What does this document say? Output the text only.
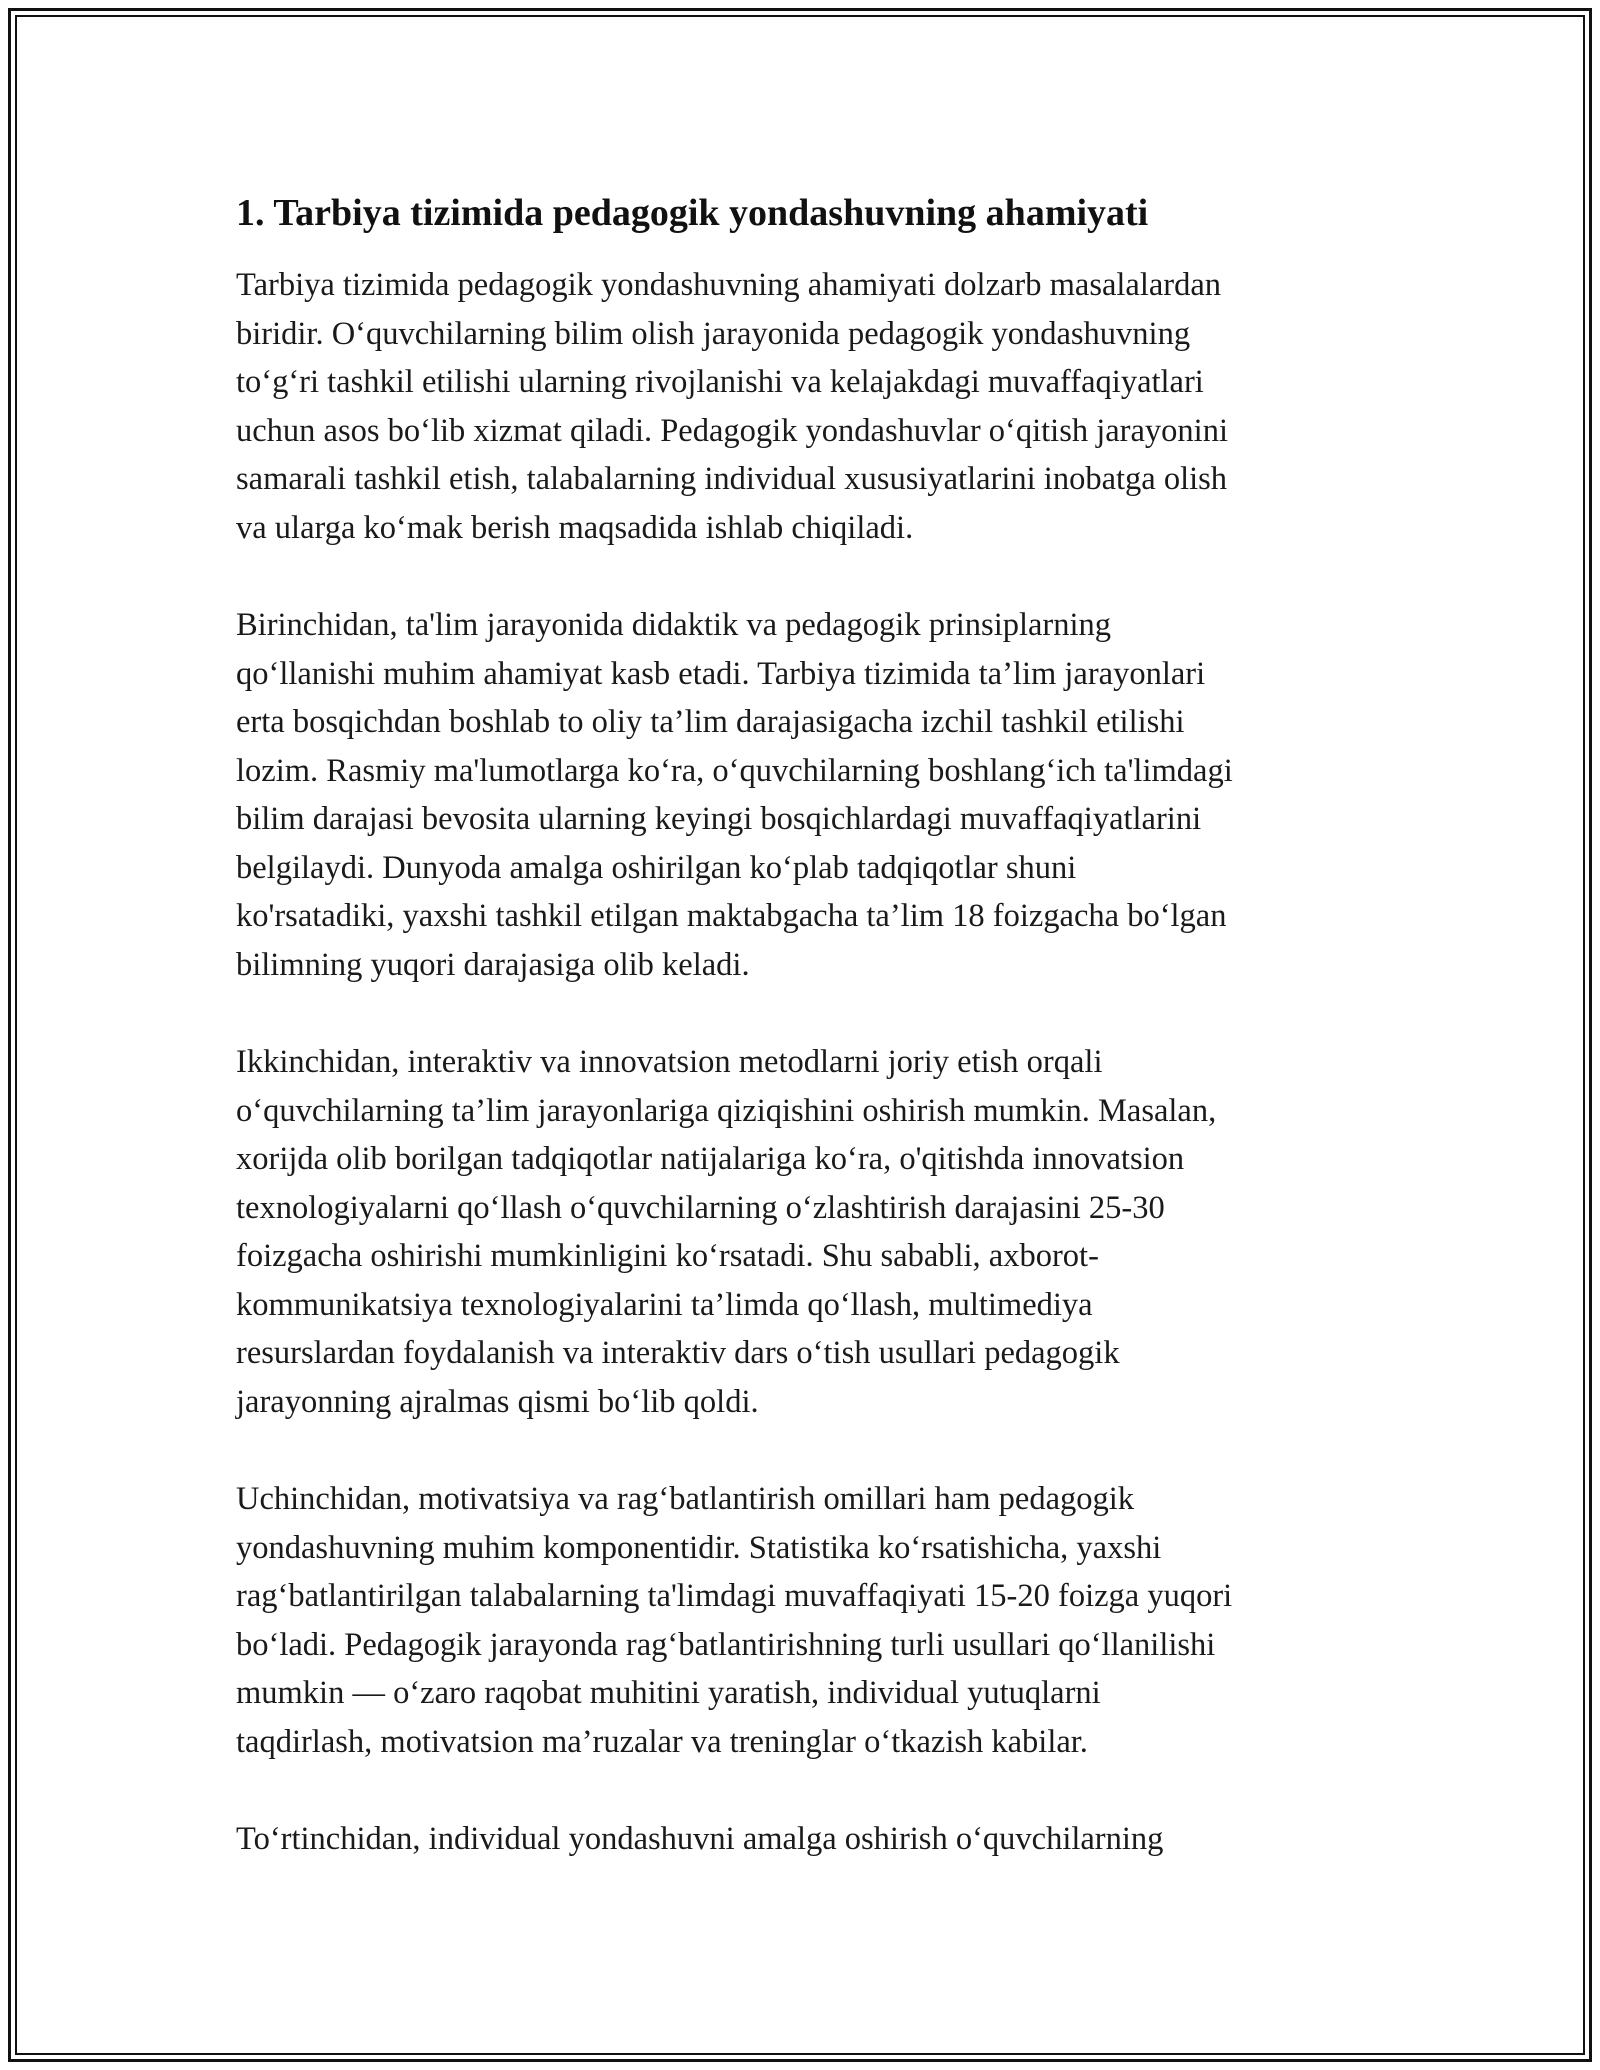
1. Tarbiya tizimida pedagogik yondashuvning ahamiyati

Tarbiya tizimida pedagogik yondashuvning ahamiyati dolzarb masalalardan
biridir. O‘quvchilarning bilim olish jarayonida pedagogik yondashuvning
to‘g‘ri tashkil etilishi ularning rivojlanishi va kelajakdagi muvaffaqiyatlari
uchun asos bo‘lib xizmat qiladi. Pedagogik yondashuvlar o‘qitish jarayonini
samarali tashkil etish, talabalarning individual xususiyatlarini inobatga olish
va ularga ko‘mak berish maqsadida ishlab chiqiladi.

Birinchidan, ta'lim jarayonida didaktik va pedagogik prinsiplarning
qo‘llanishi muhim ahamiyat kasb etadi. Tarbiya tizimida ta’lim jarayonlari
erta bosqichdan boshlab to oliy ta’lim darajasigacha izchil tashkil etilishi
lozim. Rasmiy ma'lumotlarga ko‘ra, o‘quvchilarning boshlang‘ich ta'limdagi
bilim darajasi bevosita ularning keyingi bosqichlardagi muvaffaqiyatlarini
belgilaydi. Dunyoda amalga oshirilgan ko‘plab tadqiqotlar shuni
ko'rsatadiki, yaxshi tashkil etilgan maktabgacha ta’lim 18 foizgacha bo‘lgan
bilimning yuqori darajasiga olib keladi.

Ikkinchidan, interaktiv va innovatsion metodlarni joriy etish orqali
o‘quvchilarning ta’lim jarayonlariga qiziqishini oshirish mumkin. Masalan,
xorijda olib borilgan tadqiqotlar natijalariga ko‘ra, o'qitishda innovatsion
texnologiyalarni qo‘llash o‘quvchilarning o‘zlashtirish darajasini 25-30
foizgacha oshirishi mumkinligini ko‘rsatadi. Shu sababli, axborot-
kommunikatsiya texnologiyalarini ta’limda qo‘llash, multimediya
resurslardan foydalanish va interaktiv dars o‘tish usullari pedagogik
jarayonning ajralmas qismi bo‘lib qoldi.

Uchinchidan, motivatsiya va rag‘batlantirish omillari ham pedagogik
yondashuvning muhim komponentidir. Statistika ko‘rsatishicha, yaxshi
rag‘batlantirilgan talabalarning ta'limdagi muvaffaqiyati 15-20 foizga yuqori
bo‘ladi. Pedagogik jarayonda rag‘batlantirishning turli usullari qo‘llanilishi
mumkin — o‘zaro raqobat muhitini yaratish, individual yutuqlarni
taqdirlash, motivatsion ma’ruzalar va treninglar o‘tkazish kabilar.

To‘rtinchidan, individual yondashuvni amalga oshirish o‘quvchilarning
